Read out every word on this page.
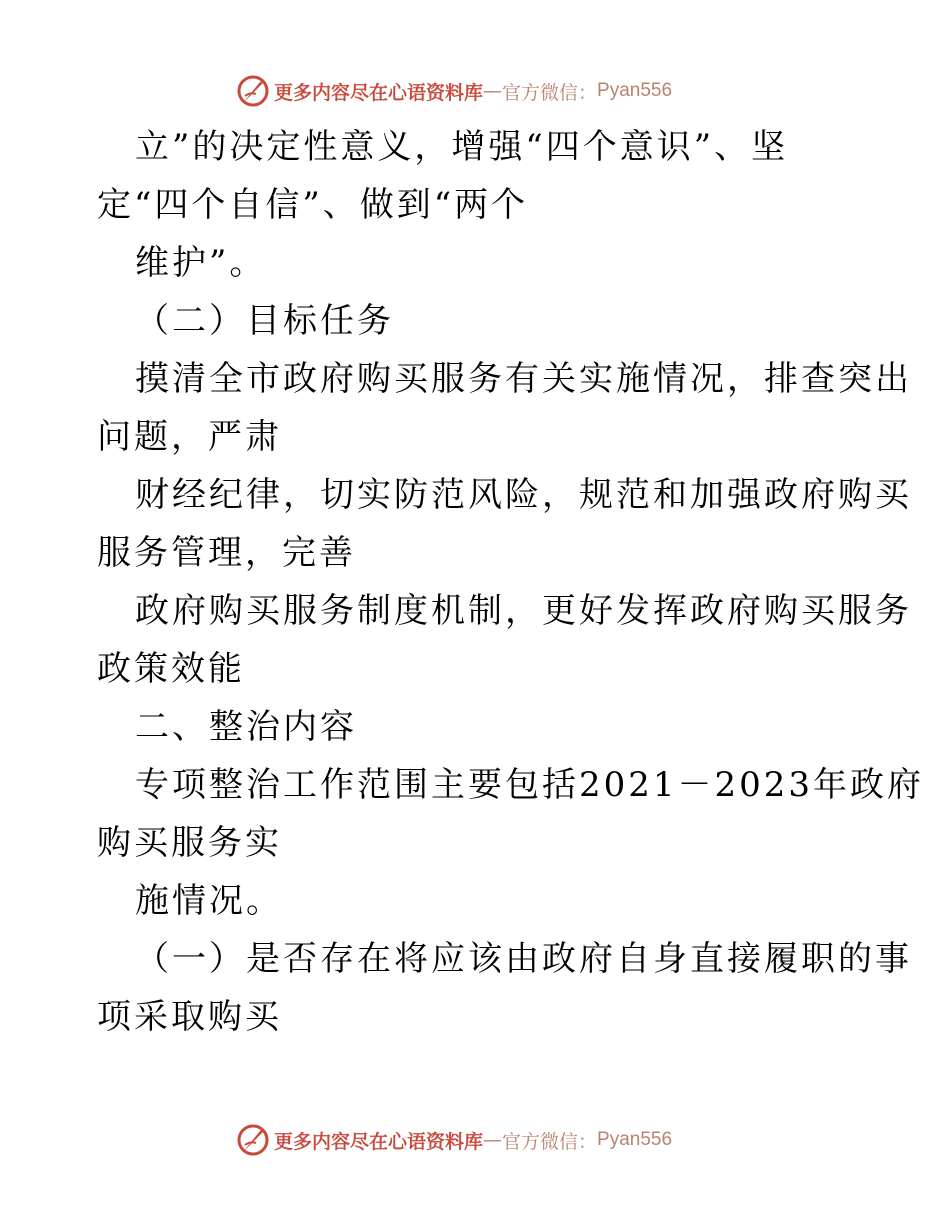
更多内容尽在心语资料库 — 官方微信： Pyan556
立”的决定性意义，增强“四个意识”、坚
定“四个自信”、做到“两个
维护”。
（二）目标任务
摸清全市政府购买服务有关实施情况，排查突出
问题，严肃
财经纪律，切实防范风险，规范和加强政府购买
服务管理，完善
政府购买服务制度机制，更好发挥政府购买服务
政策效能
二、整治内容
专项整治工作范围主要包括2021－2023年政府
购买服务实
施情况。
（一）是否存在将应该由政府自身直接履职的事
项采取购买
更多内容尽在心语资料库 — 官方微信： Pyan556
